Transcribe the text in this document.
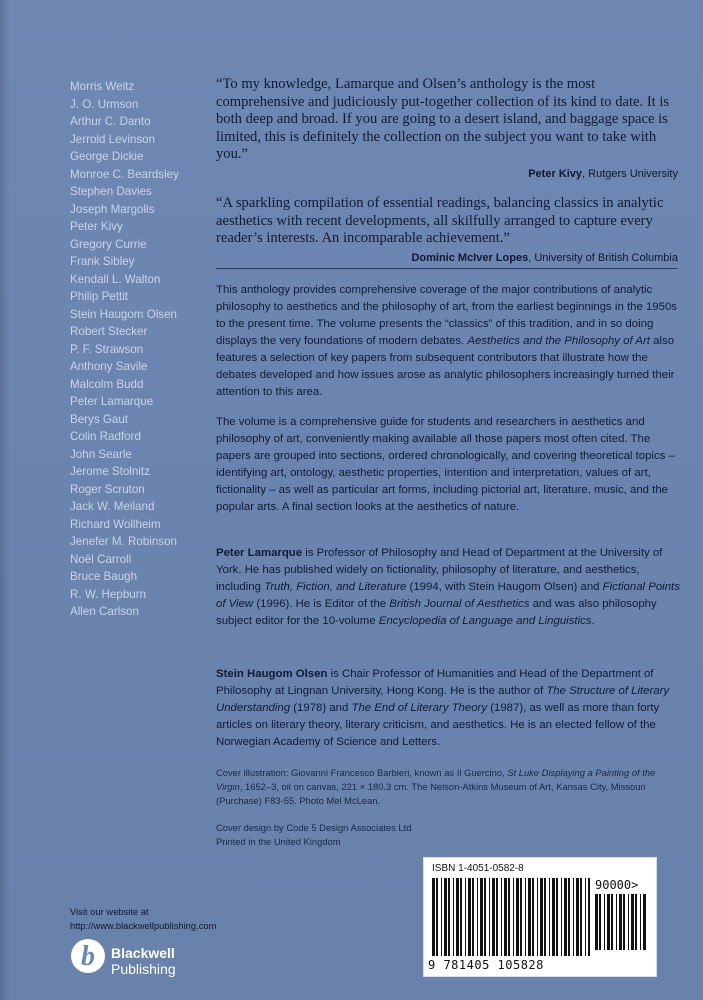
Morris Weitz
J. O. Urmson
Arthur C. Danto
Jerrold Levinson
George Dickie
Monroe C. Beardsley
Stephen Davies
Joseph Margolis
Peter Kivy
Gregory Currie
Frank Sibley
Kendall L. Walton
Philip Pettit
Stein Haugom Olsen
Robert Stecker
P. F. Strawson
Anthony Savile
Malcolm Budd
Peter Lamarque
Berys Gaut
Colin Radford
John Searle
Jerome Stolnitz
Roger Scruton
Jack W. Meiland
Richard Wollheim
Jenefer M. Robinson
Noël Carroll
Bruce Baugh
R. W. Hepburn
Allen Carlson

“To my knowledge, Lamarque and Olsen’s anthology is the most comprehensive and judiciously put-together collection of its kind to date. It is both deep and broad. If you are going to a desert island, and baggage space is limited, this is definitely the collection on the subject you want to take with you.”

Peter Kivy, Rutgers University

“A sparkling compilation of essential readings, balancing classics in analytic aesthetics with recent developments, all skilfully arranged to capture every reader’s interests. An incomparable achievement.”

Dominic McIver Lopes, University of British Columbia

This anthology provides comprehensive coverage of the major contributions of analytic philosophy to aesthetics and the philosophy of art, from the earliest beginnings in the 1950s to the present time. The volume presents the “classics” of this tradition, and in so doing displays the very foundations of modern debates. Aesthetics and the Philosophy of Art also features a selection of key papers from subsequent contributors that illustrate how the debates developed and how issues arose as analytic philosophers increasingly turned their attention to this area.

The volume is a comprehensive guide for students and researchers in aesthetics and philosophy of art, conveniently making available all those papers most often cited. The papers are grouped into sections, ordered chronologically, and covering theoretical topics – identifying art, ontology, aesthetic properties, intention and interpretation, values of art, fictionality – as well as particular art forms, including pictorial art, literature, music, and the popular arts. A final section looks at the aesthetics of nature.

Peter Lamarque is Professor of Philosophy and Head of Department at the University of York. He has published widely on fictionality, philosophy of literature, and aesthetics, including Truth, Fiction, and Literature (1994, with Stein Haugom Olsen) and Fictional Points of View (1996). He is Editor of the British Journal of Aesthetics and was also philosophy subject editor for the 10-volume Encyclopedia of Language and Linguistics.

Stein Haugom Olsen is Chair Professor of Humanities and Head of the Department of Philosophy at Lingnan University, Hong Kong. He is the author of The Structure of Literary Understanding (1978) and The End of Literary Theory (1987), as well as more than forty articles on literary theory, literary criticism, and aesthetics. He is an elected fellow of the Norwegian Academy of Science and Letters.

Cover illustration: Giovanni Francesco Barbieri, known as Il Guercino, St Luke Displaying a Painting of the Virgin, 1652–3, oil on canvas, 221 × 180.3 cm. The Nelson-Atkins Museum of Art, Kansas City, Missouri (Purchase) F83-55. Photo Mel McLean.

Cover design by Code 5 Design Associates Ltd
Printed in the United Kingdom

ISBN 1-4051-0582-8
90000>
9 781405 105828
Visit our website at
http://www.blackwellpublishing.com
b Blackwell
Publishing
